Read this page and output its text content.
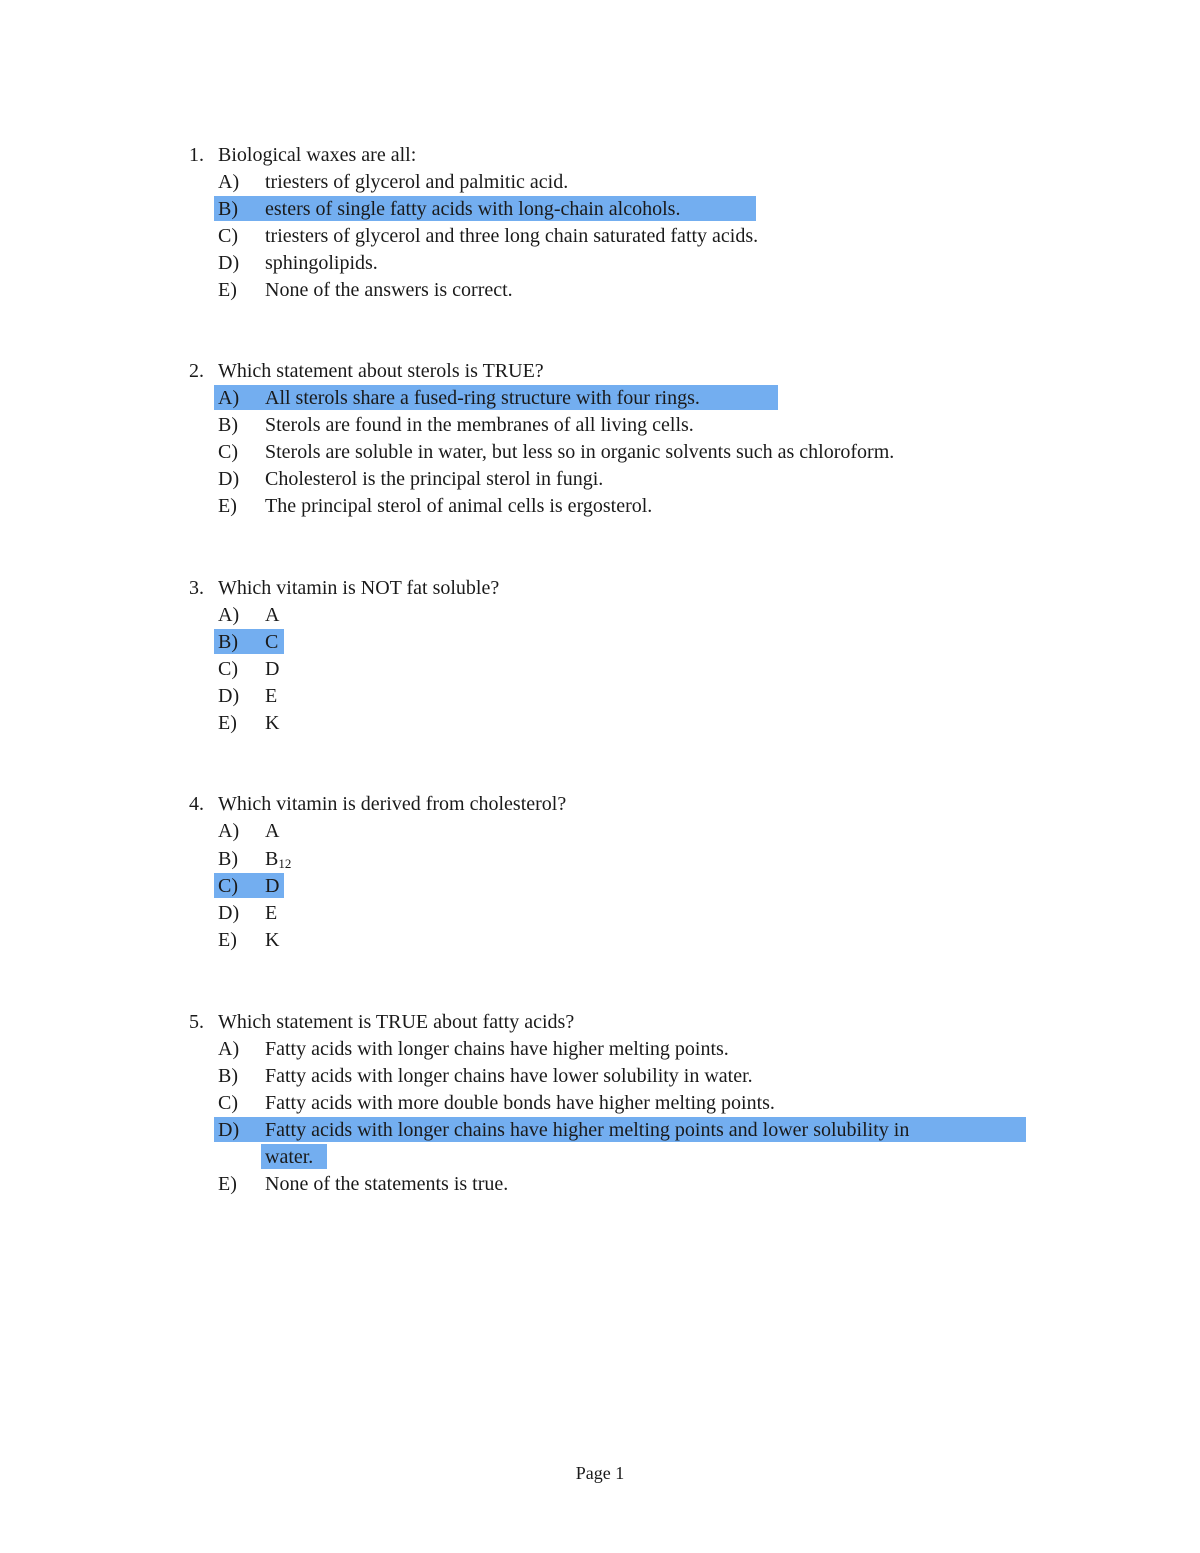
1. Biological waxes are all:
A) triesters of glycerol and palmitic acid.
B) esters of single fatty acids with long-chain alcohols.
C) triesters of glycerol and three long chain saturated fatty acids.
D) sphingolipids.
E) None of the answers is correct.
2. Which statement about sterols is TRUE?
A) All sterols share a fused-ring structure with four rings.
B) Sterols are found in the membranes of all living cells.
C) Sterols are soluble in water, but less so in organic solvents such as chloroform.
D) Cholesterol is the principal sterol in fungi.
E) The principal sterol of animal cells is ergosterol.
3. Which vitamin is NOT fat soluble?
A) A
B) C
C) D
D) E
E) K
4. Which vitamin is derived from cholesterol?
A) A
B) $B_{12}$
C) D
D) E
E) K
5. Which statement is TRUE about fatty acids?
A) Fatty acids with longer chains have higher melting points.
B) Fatty acids with longer chains have lower solubility in water.
C) Fatty acids with more double bonds have higher melting points.
D) Fatty acids with longer chains have higher melting points and lower solubility in
water.
E) None of the statements is true.
Page 1
